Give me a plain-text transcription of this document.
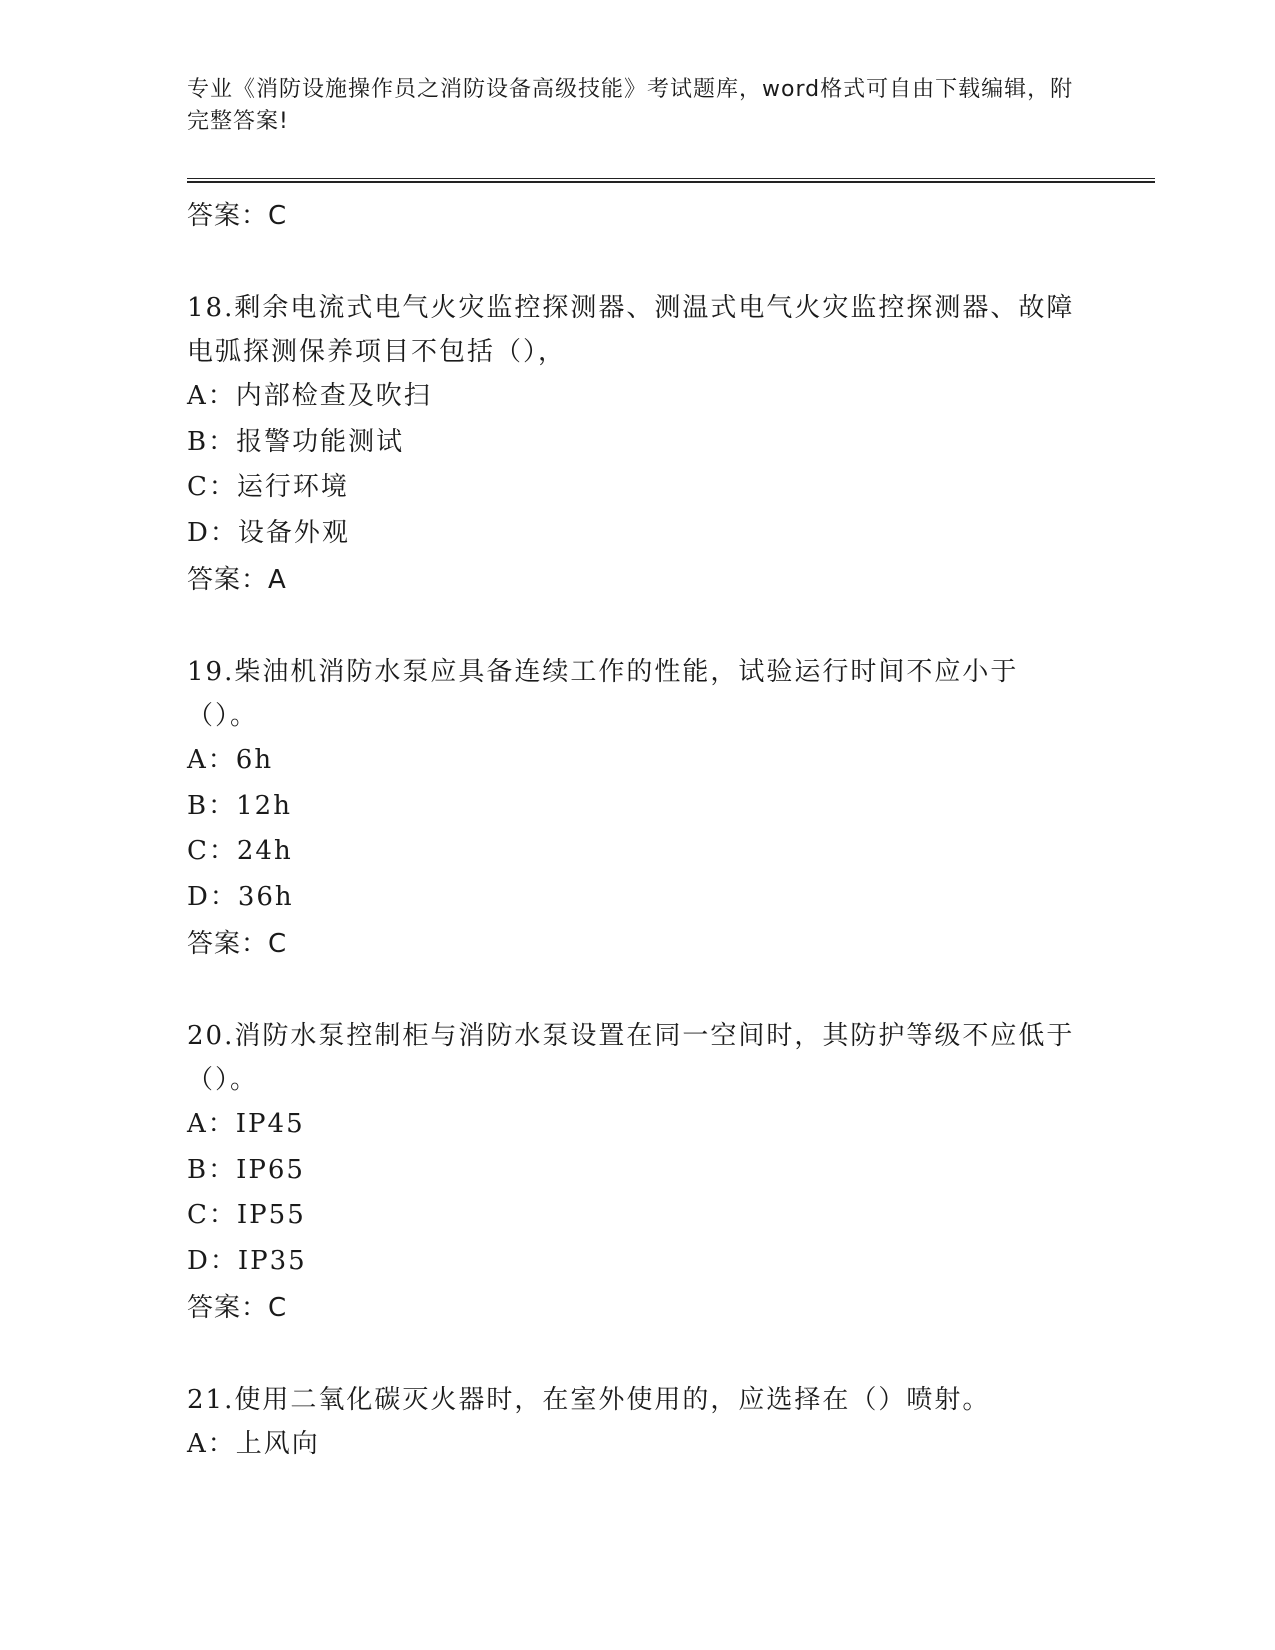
专业《消防设施操作员之消防设备高级技能》考试题库，word格式可自由下载编辑，附完整答案!
答案：C
18.剩余电流式电气火灾监控探测器、测温式电气火灾监控探测器、故障电弧探测保养项目不包括（），
A：内部检查及吹扫
B：报警功能测试
C：运行环境
D：设备外观
答案：A
19.柴油机消防水泵应具备连续工作的性能，试验运行时间不应小于（）。
A：6h
B：12h
C：24h
D：36h
答案：C
20.消防水泵控制柜与消防水泵设置在同一空间时，其防护等级不应低于（）。
A：IP45
B：IP65
C：IP55
D：IP35
答案：C
21.使用二氧化碳灭火器时，在室外使用的，应选择在（）喷射。
A：上风向
